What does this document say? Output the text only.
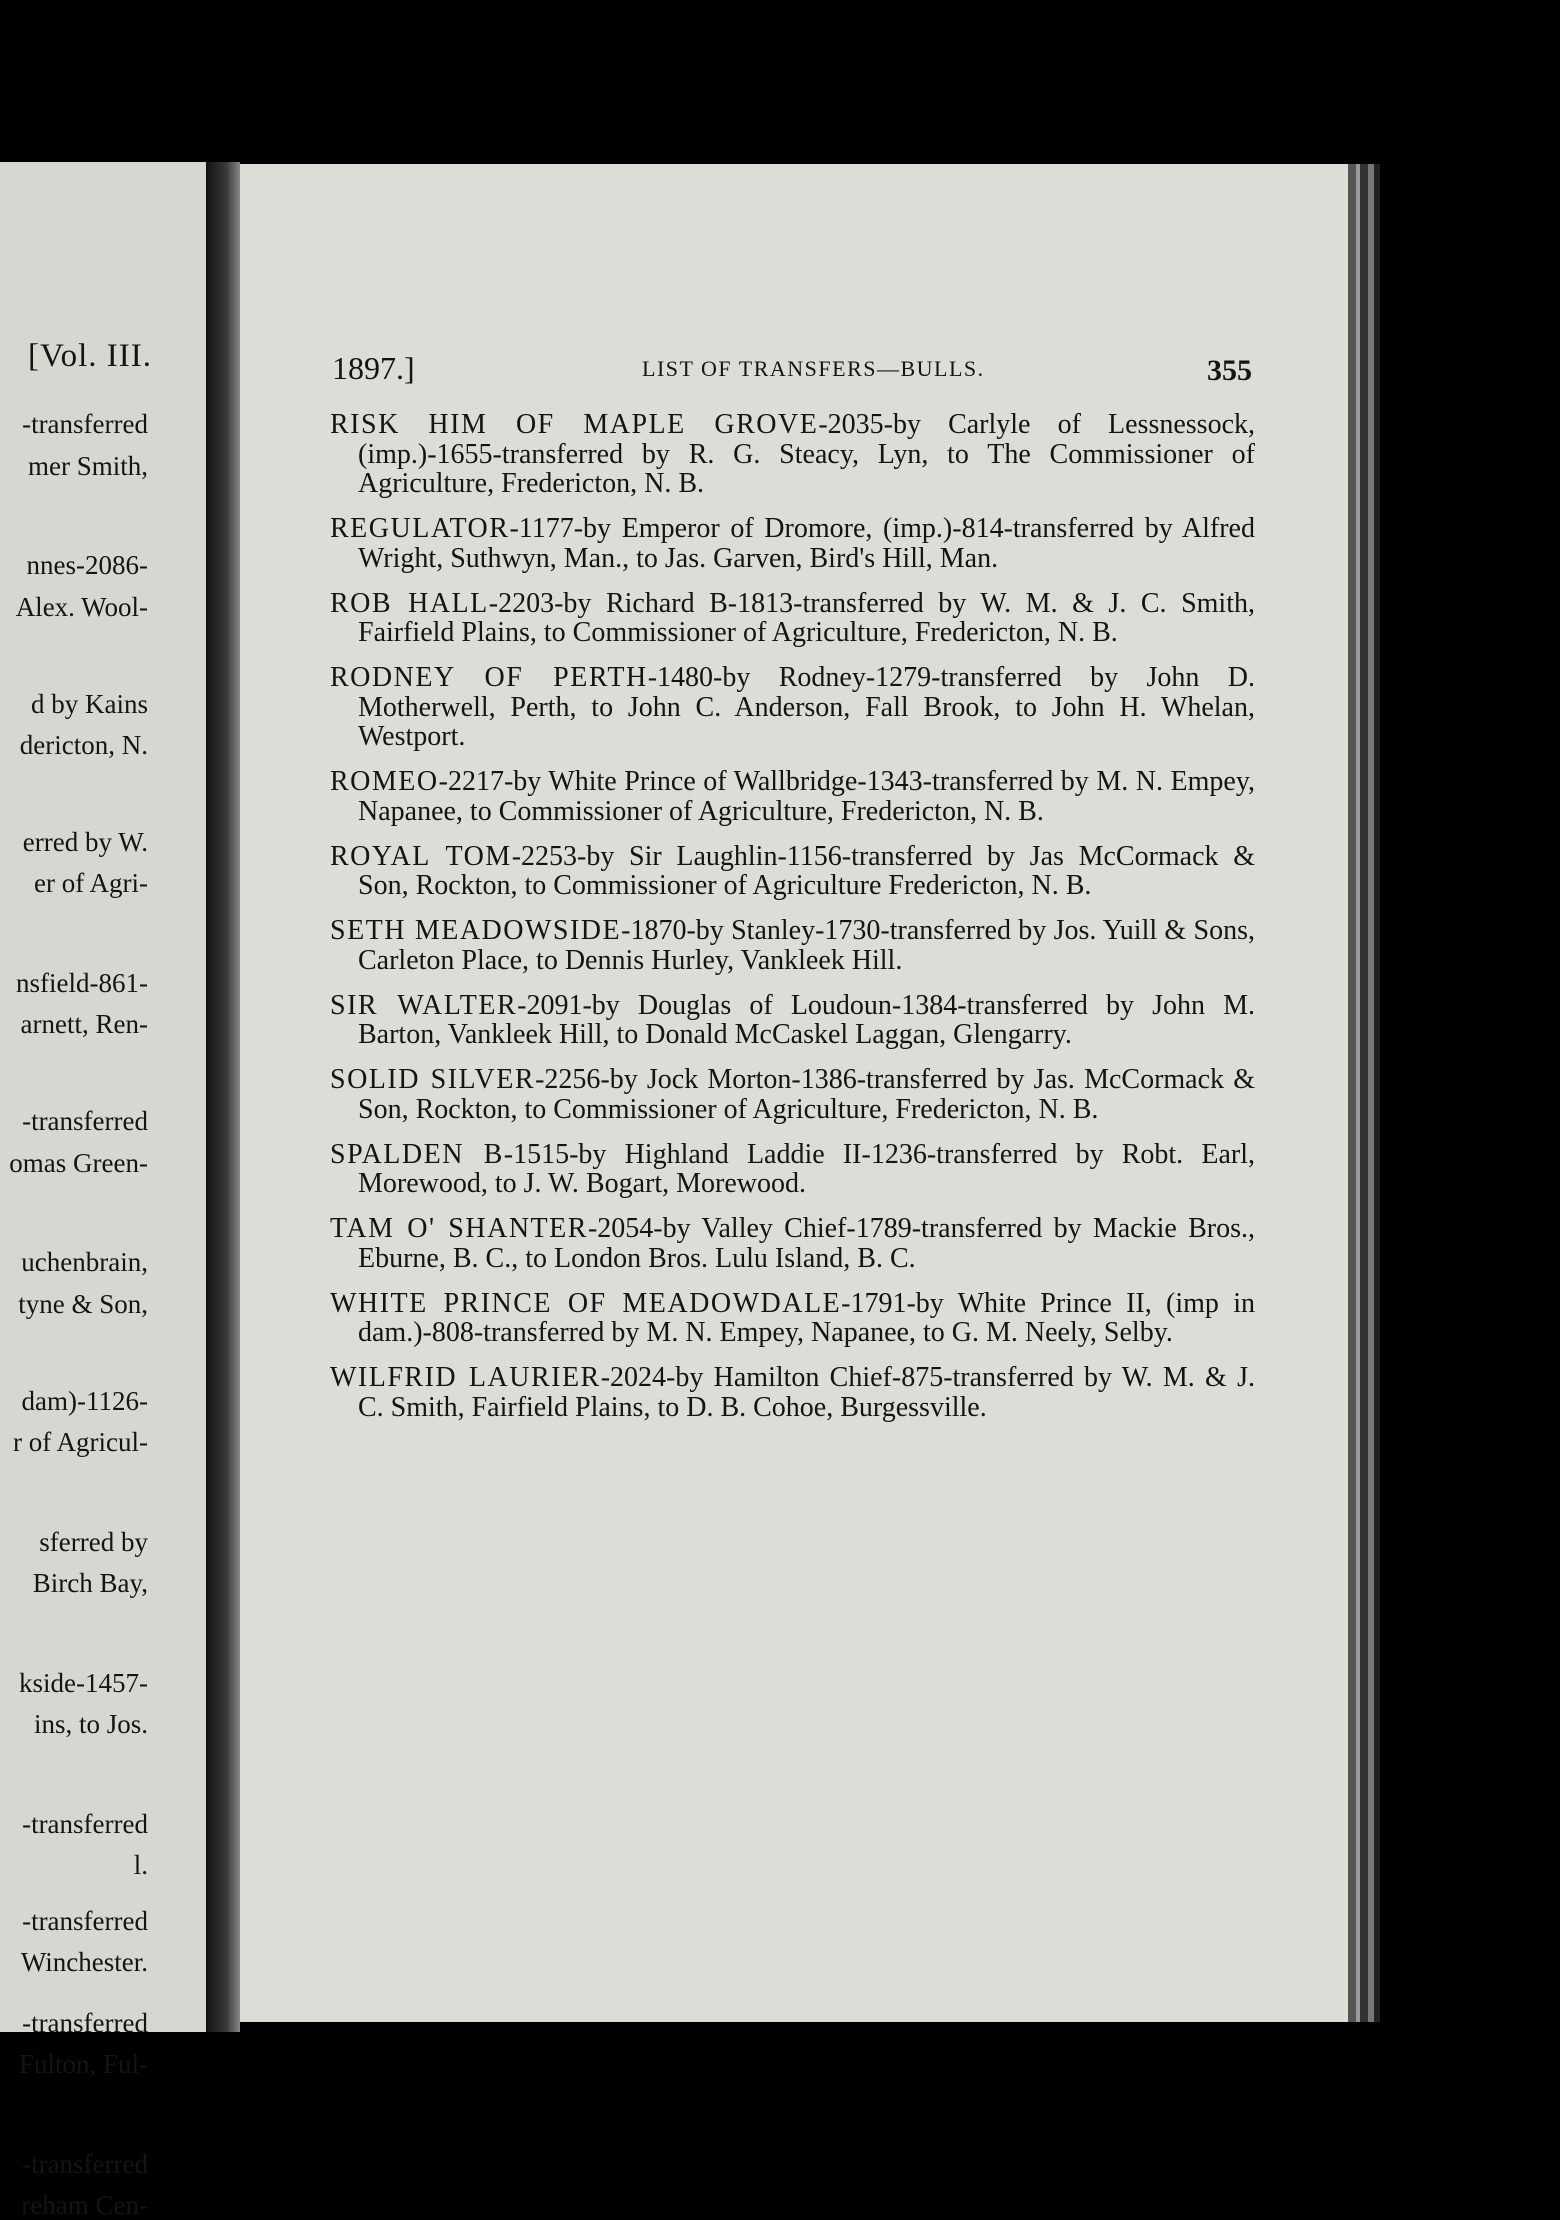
[Vol. III.

-transferred

mer Smith,

nnes-2086-

Alex. Wool-

d by Kains

dericton, N.

erred by W.

er of Agri-

nsfield-861-

arnett, Ren-

-transferred

omas Green-

uchenbrain,

tyne & Son,

dam)-1126-

r of Agricul-

sferred by

Birch Bay,

kside-1457-

ins, to Jos.

-transferred

l.

-transferred

Winchester.

-transferred

Fulton, Ful-

-transferred

reham Cen-

1897.]	LIST OF TRANSFERS—BULLS.	355

RISK HIM OF MAPLE GROVE-2035-by Carlyle of Lessnessock, (imp.)-1655-transferred by R. G. Steacy, Lyn, to The Commissioner of Agriculture, Fredericton, N. B.
REGULATOR-1177-by Emperor of Dromore, (imp.)-814-transferred by Alfred Wright, Suthwyn, Man., to Jas. Garven, Bird's Hill, Man.
ROB HALL-2203-by Richard B-1813-transferred by W. M. & J. C. Smith, Fairfield Plains, to Commissioner of Agriculture, Fredericton, N. B.
RODNEY OF PERTH-1480-by Rodney-1279-transferred by John D. Motherwell, Perth, to John C. Anderson, Fall Brook, to John H. Whelan, Westport.
ROMEO-2217-by White Prince of Wallbridge-1343-transferred by M. N. Empey, Napanee, to Commissioner of Agriculture, Fredericton, N. B.
ROYAL TOM-2253-by Sir Laughlin-1156-transferred by Jas McCormack & Son, Rockton, to Commissioner of Agriculture Fredericton, N. B.
SETH MEADOWSIDE-1870-by Stanley-1730-transferred by Jos. Yuill & Sons, Carleton Place, to Dennis Hurley, Vankleek Hill.
SIR WALTER-2091-by Douglas of Loudoun-1384-transferred by John M. Barton, Vankleek Hill, to Donald McCaskel Laggan, Glengarry.
SOLID SILVER-2256-by Jock Morton-1386-transferred by Jas. McCormack & Son, Rockton, to Commissioner of Agriculture, Fredericton, N. B.
SPALDEN B-1515-by Highland Laddie II-1236-transferred by Robt. Earl, Morewood, to J. W. Bogart, Morewood.
TAM O' SHANTER-2054-by Valley Chief-1789-transferred by Mackie Bros., Eburne, B. C., to London Bros. Lulu Island, B. C.
WHITE PRINCE OF MEADOWDALE-1791-by White Prince II, (imp in dam.)-808-transferred by M. N. Empey, Napanee, to G. M. Neely, Selby.
WILFRID LAURIER-2024-by Hamilton Chief-875-transferred by W. M. & J. C. Smith, Fairfield Plains, to D. B. Cohoe, Burgessville.
